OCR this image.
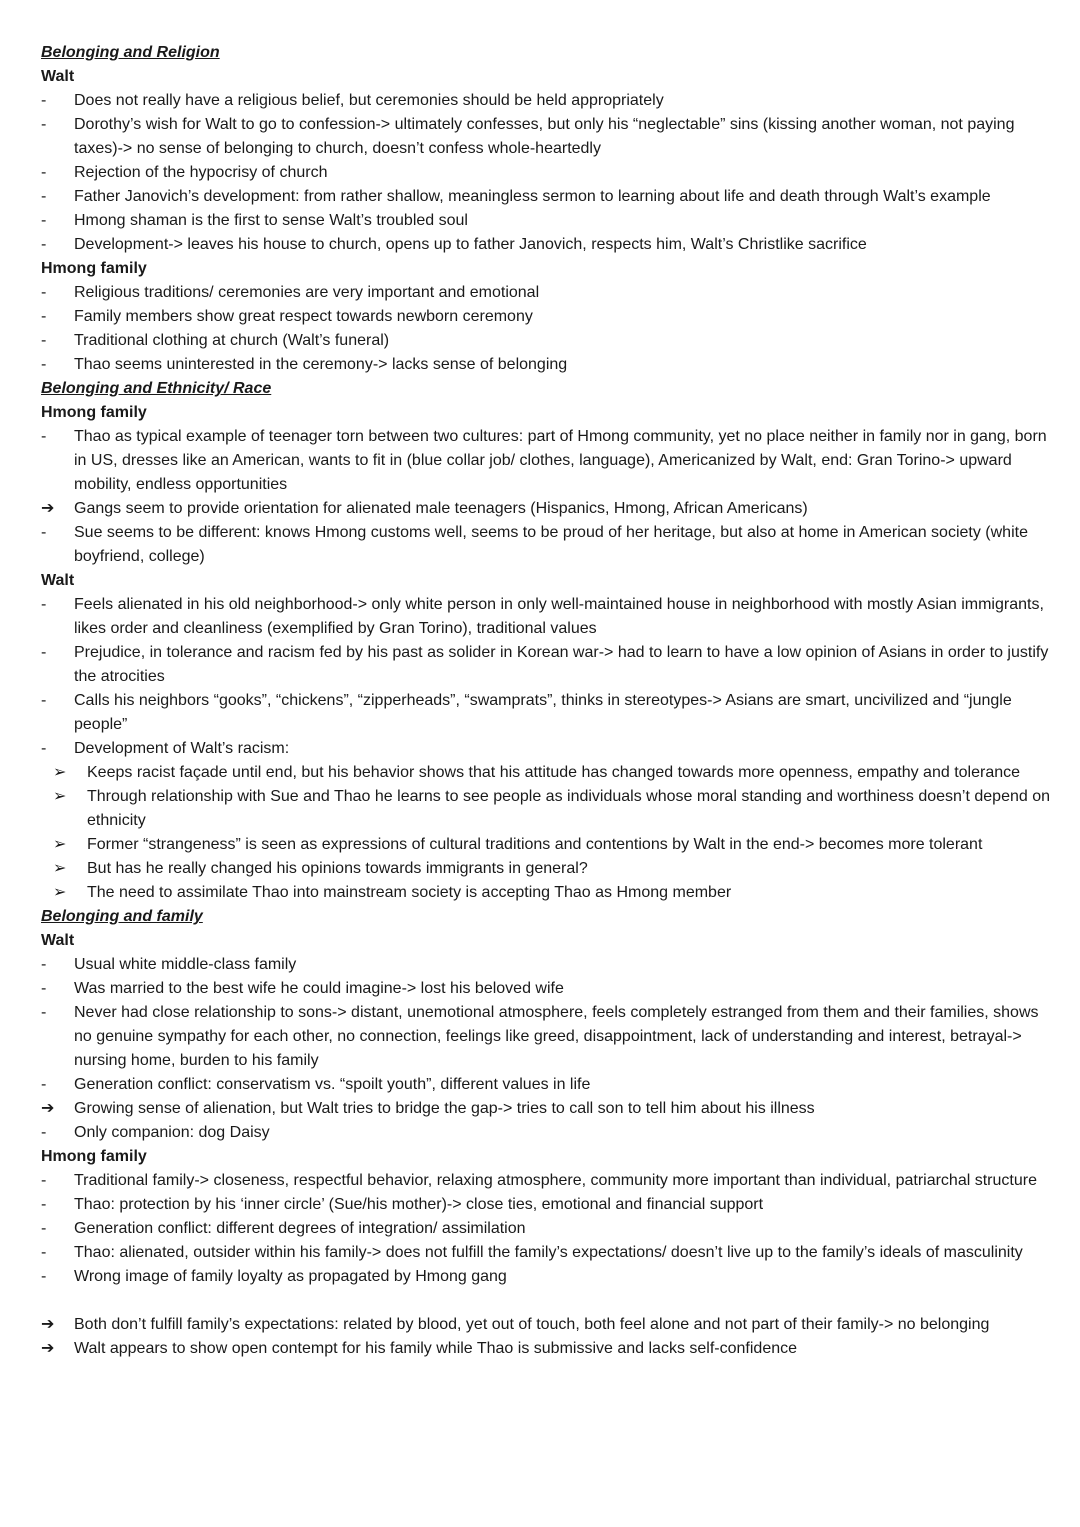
Belonging and Religion
Walt
-	Does not really have a religious belief, but ceremonies should be held appropriately
-	Dorothy’s wish for Walt to go to confession-> ultimately confesses, but only his “neglectable” sins (kissing another woman, not paying taxes)-> no sense of belonging to church, doesn’t confess whole-heartedly
-	Rejection of the hypocrisy of church
-	Father Janovich’s development: from rather shallow, meaningless sermon to learning about life and death through Walt’s example
-	Hmong shaman is the first to sense Walt’s troubled soul
-	Development-> leaves his house to church, opens up to father Janovich, respects him, Walt’s Christlike sacrifice
Hmong family
-	Religious traditions/ ceremonies are very important and emotional
-	Family members show great respect towards newborn ceremony
-	Traditional clothing at church (Walt’s funeral)
-	Thao seems uninterested in the ceremony-> lacks sense of belonging
Belonging and Ethnicity/ Race
Hmong family
-	Thao as typical example of teenager torn between two cultures: part of Hmong community, yet no place neither in family nor in gang, born in US, dresses like an American, wants to fit in (blue collar job/ clothes, language), Americanized by Walt, end: Gran Torino-> upward mobility, endless opportunities
➔	Gangs seem to provide orientation for alienated male teenagers (Hispanics, Hmong, African Americans)
-	Sue seems to be different: knows Hmong customs well, seems to be proud of her heritage, but also at home in American society (white boyfriend, college)
Walt
-	Feels alienated in his old neighborhood-> only white person in only well-maintained house in neighborhood with mostly Asian immigrants, likes order and cleanliness (exemplified by Gran Torino), traditional values
-	Prejudice, in tolerance and racism fed by his past as solider in Korean war-> had to learn to have a low opinion of Asians in order to justify the atrocities
-	Calls his neighbors “gooks”, “chickens”, “zipperheads”, “swamprats”, thinks in stereotypes-> Asians are smart, uncivilized and “jungle people”
-	Development of Walt’s racism:
➢	Keeps racist façade until end, but his behavior shows that his attitude has changed towards more openness, empathy and tolerance
➢	Through relationship with Sue and Thao he learns to see people as individuals whose moral standing and worthiness doesn’t depend on ethnicity
➢	Former “strangeness” is seen as expressions of cultural traditions and contentions by Walt in the end-> becomes more tolerant
➢	But has he really changed his opinions towards immigrants in general?
➢	The need to assimilate Thao into mainstream society is accepting Thao as Hmong member
Belonging and family
Walt
-	Usual white middle-class family
-	Was married to the best wife he could imagine-> lost his beloved wife
-	Never had close relationship to sons-> distant, unemotional atmosphere, feels completely estranged from them and their families, shows no genuine sympathy for each other, no connection, feelings like greed, disappointment, lack of understanding and interest, betrayal-> nursing home, burden to his family
-	Generation conflict: conservatism vs. “spoilt youth”, different values in life
➔	Growing sense of alienation, but Walt tries to bridge the gap-> tries to call son to tell him about his illness
-	Only companion: dog Daisy
Hmong family
-	Traditional family-> closeness, respectful behavior, relaxing atmosphere, community more important than individual, patriarchal structure
-	Thao: protection by his ‘inner circle’ (Sue/his mother)-> close ties, emotional and financial support
-	Generation conflict: different degrees of integration/ assimilation
-	Thao: alienated, outsider within his family-> does not fulfill the family’s expectations/ doesn’t live up to the family’s ideals of masculinity
-	Wrong image of family loyalty as propagated by Hmong gang
➔	Both don’t fulfill family’s expectations: related by blood, yet out of touch, both feel alone and not part of their family-> no belonging
➔	Walt appears to show open contempt for his family while Thao is submissive and lacks self-confidence
